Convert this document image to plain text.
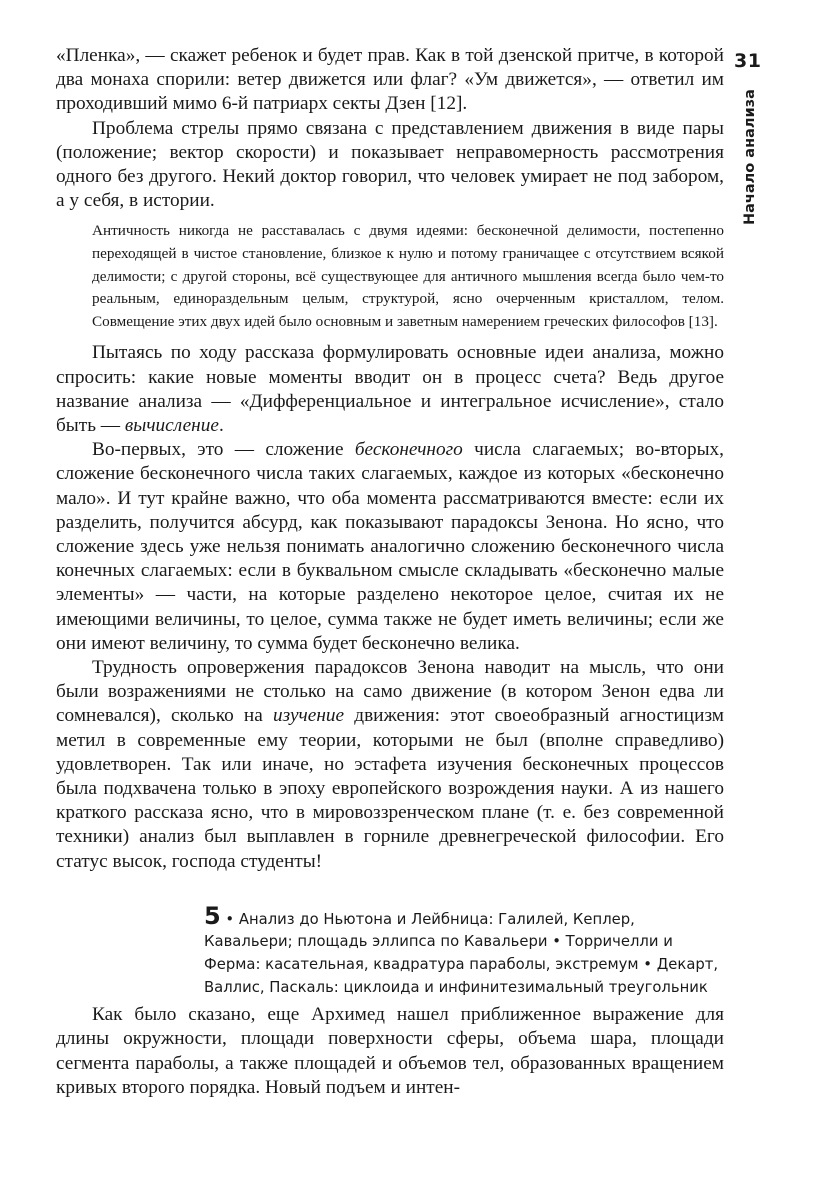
31
Начало анализа

«Пленка», — скажет ребенок и будет прав. Как в той дзенской притче, в которой два монаха спорили: ветер движется или флаг? «Ум движется», — ответил им проходивший мимо 6-й патриарх секты Дзен [12].

Проблема стрелы прямо связана с представлением движения в виде пары (положение; вектор скорости) и показывает неправомерность рассмотрения одного без другого. Некий доктор говорил, что человек умирает не под забором, а у себя, в истории.

Античность никогда не расставалась с двумя идеями: бесконечной делимости, постепенно переходящей в чистое становление, близкое к нулю и потому граничащее с отсутствием всякой делимости; с другой стороны, всё существующее для античного мышления всегда было чем-то реальным, единораздельным целым, структурой, ясно очерченным кристаллом, телом. Совмещение этих двух идей было основным и заветным намерением греческих философов [13].

Пытаясь по ходу рассказа формулировать основные идеи анализа, можно спросить: какие новые моменты вводит он в процесс счета? Ведь другое название анализа — «Дифференциальное и интегральное исчисление», стало быть — вычисление.

Во-первых, это — сложение бесконечного числа слагаемых; во-вторых, сложение бесконечного числа таких слагаемых, каждое из которых «бесконечно мало». И тут крайне важно, что оба момента рассматриваются вместе: если их разделить, получится абсурд, как показывают парадоксы Зенона. Но ясно, что сложение здесь уже нельзя понимать аналогично сложению бесконечного числа конечных слагаемых: если в буквальном смысле складывать «бесконечно малые элементы» — части, на которые разделено некоторое целое, считая их не имеющими величины, то целое, сумма также не будет иметь величины; если же они имеют величину, то сумма будет бесконечно велика.

Трудность опровержения парадоксов Зенона наводит на мысль, что они были возражениями не столько на само движение (в котором Зенон едва ли сомневался), сколько на изучение движения: этот своеобразный агностицизм метил в современные ему теории, которыми не был (вполне справедливо) удовлетворен. Так или иначе, но эстафета изучения бесконечных процессов была подхвачена только в эпоху европейского возрождения науки. А из нашего краткого рассказа ясно, что в мировоззренческом плане (т. е. без современной техники) анализ был выплавлен в горниле древнегреческой философии. Его статус высок, господа студенты!

5 • Анализ до Ньютона и Лейбница: Галилей, Кеплер, Кавальери; площадь эллипса по Кавальери • Торричелли и Ферма: касательная, квадратура параболы, экстремум • Декарт, Валлис, Паскаль: циклоида и инфинитезимальный треугольник

Как было сказано, еще Архимед нашел приближенное выражение для длины окружности, площади поверхности сферы, объема шара, площади сегмента параболы, а также площадей и объемов тел, образованных вращением кривых второго порядка. Новый подъем и интен-
